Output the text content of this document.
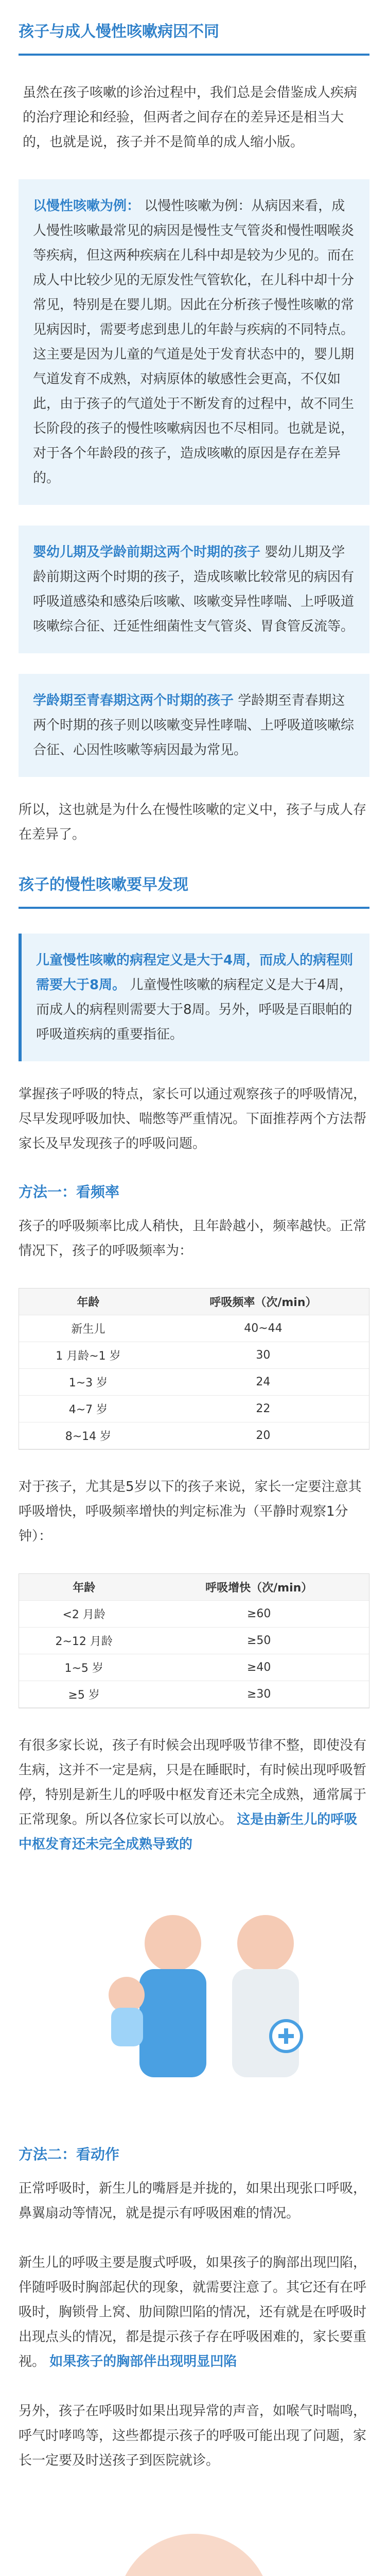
孩子与成人慢性咳嗽病因不同
虽然在孩子咳嗽的诊治过程中，我们总是会借鉴成人疾病的治疗理论和经验，但两者之间存在的差异还是相当大的，也就是说，孩子并不是简单的成人缩小版。
以慢性咳嗽为例： 以慢性咳嗽为例：从病因来看，成人慢性咳嗽最常见的病因是慢性支气管炎和慢性咽喉炎等疾病，但这两种疾病在儿科中却是较为少见的。而在成人中比较少见的无原发性气管软化，在儿科中却十分常见，特别是在婴儿期。因此在分析孩子慢性咳嗽的常见病因时，需要考虑到患儿的年龄与疾病的不同特点。这主要是因为儿童的气道是处于发育状态中的，婴儿期气道发育不成熟，对病原体的敏感性会更高，不仅如此，由于孩子的气道处于不断发育的过程中，故不同生长阶段的孩子的慢性咳嗽病因也不尽相同。也就是说，对于各个年龄段的孩子，造成咳嗽的原因是存在差异的。
婴幼儿期及学龄前期这两个时期的孩子 婴幼儿期及学龄前期这两个时期的孩子，造成咳嗽比较常见的病因有呼吸道感染和感染后咳嗽、咳嗽变异性哮喘、上呼吸道咳嗽综合征、迁延性细菌性支气管炎、胃食管反流等。
学龄期至青春期这两个时期的孩子 学龄期至青春期这两个时期的孩子则以咳嗽变异性哮喘、上呼吸道咳嗽综合征、心因性咳嗽等病因最为常见。
所以，这也就是为什么在慢性咳嗽的定义中，孩子与成人存在差异了。
孩子的慢性咳嗽要早发现
儿童慢性咳嗽的病程定义是大于4周，而成人的病程则需要大于8周。 儿童慢性咳嗽的病程定义是大于4周，而成人的病程则需要大于8周。另外，呼吸是百眼帕的呼吸道疾病的重要指征。
掌握孩子呼吸的特点，家长可以通过观察孩子的呼吸情况，尽早发现呼吸加快、喘憋等严重情况。下面推荐两个方法帮家长及早发现孩子的呼吸问题。
方法一：看频率
孩子的呼吸频率比成人稍快，且年龄越小，频率越快。正常情况下，孩子的呼吸频率为：
年龄	呼吸频率（次/min）
新生儿	40~44
1 月龄~1 岁	30
1~3 岁	24
4~7 岁	22
8~14 岁	20
对于孩子，尤其是5岁以下的孩子来说，家长一定要注意其呼吸增快，呼吸频率增快的判定标准为（平静时观察1分钟）：
年龄	呼吸增快（次/min）
<2 月龄	≥60
2~12 月龄	≥50
1~5 岁	≥40
≥5 岁	≥30
有很多家长说，孩子有时候会出现呼吸节律不整，即使没有生病，这并不一定是病，只是在睡眠时，有时候出现呼吸暂停，特别是新生儿的呼吸中枢发育还未完全成熟，通常属于正常现象。所以各位家长可以放心。 这是由新生儿的呼吸中枢发育还未完全成熟导致的
方法二：看动作
正常呼吸时，新生儿的嘴唇是并拢的，如果出现张口呼吸，鼻翼扇动等情况，就是提示有呼吸困难的情况。
新生儿的呼吸主要是腹式呼吸，如果孩子的胸部出现凹陷，伴随呼吸时胸部起伏的现象，就需要注意了。其它还有在呼吸时，胸锁骨上窝、肋间隙凹陷的情况，还有就是在呼吸时出现点头的情况，都是提示孩子存在呼吸困难的，家长要重视。 如果孩子的胸部伴出现明显凹陷
另外，孩子在呼吸时如果出现异常的声音，如喉气时喘鸣，呼气时哮鸣等，这些都提示孩子的呼吸可能出现了问题，家长一定要及时送孩子到医院就诊。
